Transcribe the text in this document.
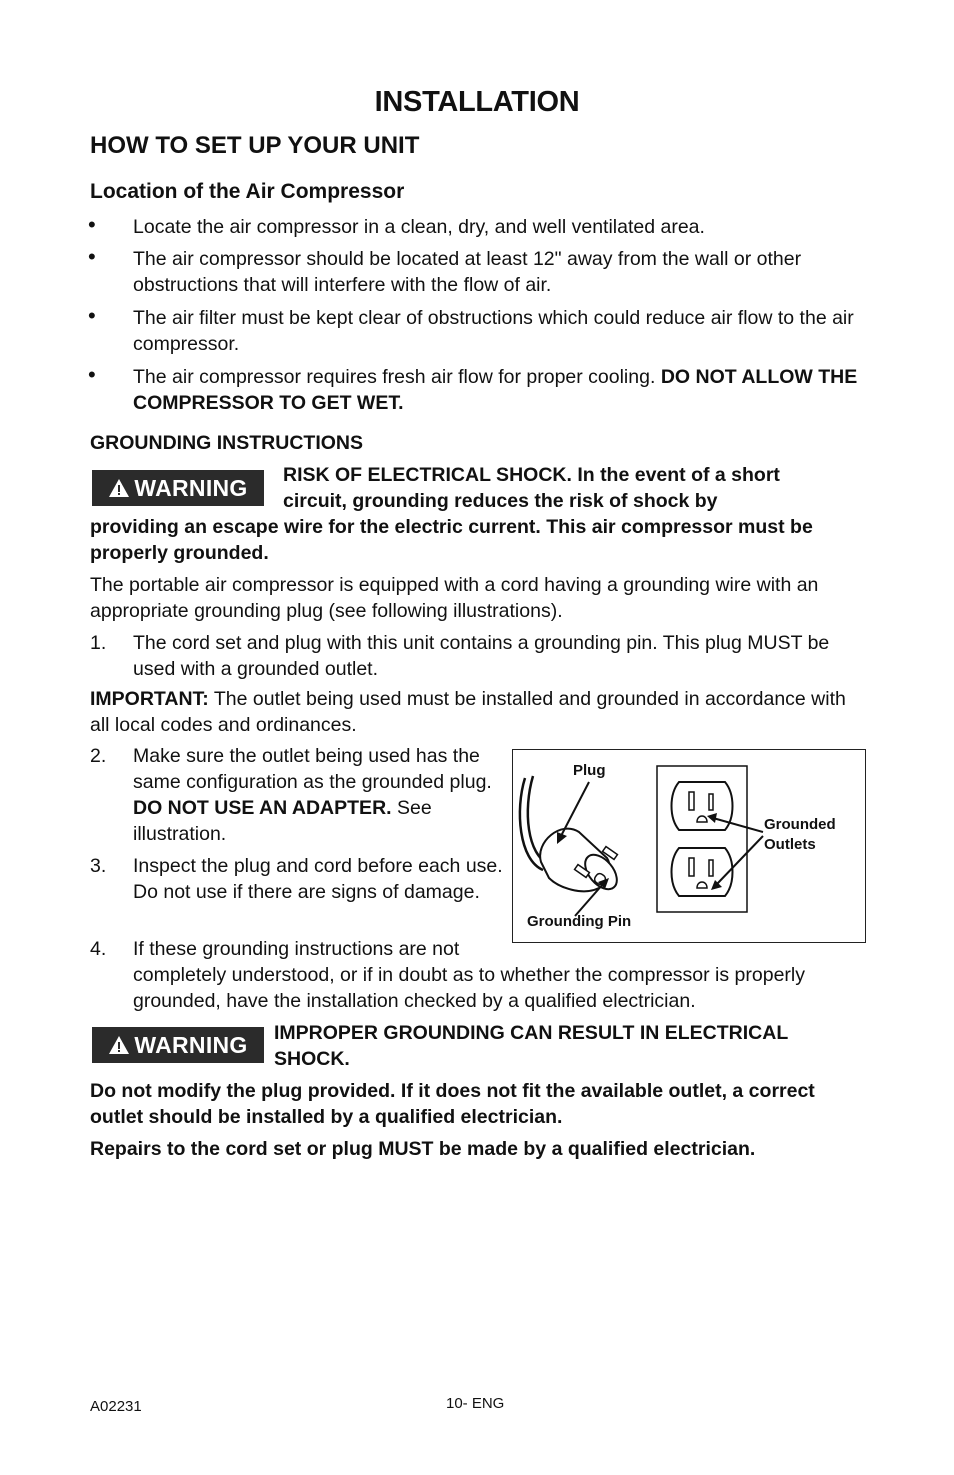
INSTALLATION
HOW TO SET UP YOUR UNIT
Location of the Air Compressor
•	Locate the air compressor in a clean, dry, and well ventilated area.
•	The air compressor should be located at least 12" away from the wall or other obstructions that will interfere with the flow of air.
•	The air filter must be kept clear of obstructions which could reduce air flow to the air compressor.
•	The air compressor requires fresh air flow for proper cooling. DO NOT ALLOW THE COMPRESSOR TO GET WET.
GROUNDING INSTRUCTIONS
WARNING RISK OF ELECTRICAL SHOCK. In the event of a short
circuit, grounding reduces the risk of shock by
providing an escape wire for the electric current. This air compressor must be properly grounded.
The portable air compressor is equipped with a cord having a grounding wire with an appropriate grounding plug (see following illustrations).
1.	The cord set and plug with this unit contains a grounding pin. This plug MUST be used with a grounded outlet.
IMPORTANT: The outlet being used must be installed and grounded in accordance with all local codes and ordinances.
2.	Make sure the outlet being used has the same configuration as the grounded plug. DO NOT USE AN ADAPTER. See illustration.
3.	Inspect the plug and cord before each use. Do not use if there are signs of damage.
4.	If these grounding instructions are not
completely understood, or if in doubt as to whether the compressor is properly grounded, have the installation checked by a qualified electrician.
Plug
Grounding Pin
Grounded
Outlets
WARNING IMPROPER GROUNDING CAN RESULT IN ELECTRICAL
SHOCK.
Do not modify the plug provided. If it does not fit the available outlet, a correct outlet should be installed by a qualified electrician.
Repairs to the cord set or plug MUST be made by a qualified electrician.
A02231	10- ENG
